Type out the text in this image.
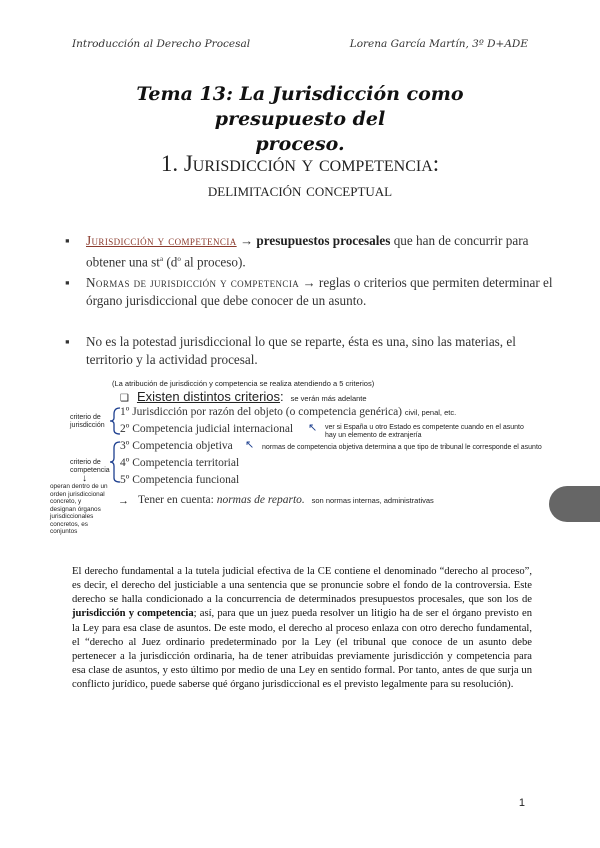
Introducción al Derecho Procesal	Lorena García Martín, 3º D+ADE
Tema 13: La Jurisdicción como presupuesto del
proceso.
1. Jurisdicción y competencia:
delimitación conceptual
▪	Jurisdicción y competencia → presupuestos procesales que han de concurrir para obtener una $st^a$ ($d^o$ al proceso).
▪	Normas de jurisdicción y competencia → reglas o criterios que permiten determinar el órgano jurisdiccional que debe conocer de un asunto.
▪	No es la potestad jurisdiccional lo que se reparte, ésta es una, sino las materias, el territorio y la actividad procesal.
(La atribución de jurisdicción y competencia se realiza atendiendo a 5 criterios)
❑ Existen distintos criterios: se verán más adelante
criterio de jurisdicción
criterio de competencia
↓
operan dentro de un orden jurisdiccional concreto, y designan órganos jurisdiccionales concretos, es conjuntos
1º Jurisdicción por razón del objeto (o competencia genérica) civil, penal, etc.
2º Competencia judicial internacional ↖ ver si España u otro Estado es competente cuando en el asunto hay un elemento de extranjería
3º Competencia objetiva ↖ normas de competencia objetiva determina a que tipo de tribunal le corresponde el asunto
4º Competencia territorial
5º Competencia funcional
→ Tener en cuenta: normas de reparto. son normas internas, administrativas
El derecho fundamental a la tutela judicial efectiva de la CE contiene el denominado “derecho al proceso”, es decir, el derecho del justiciable a una sentencia que se pronuncie sobre el fondo de la controversia. Este derecho se halla condicionado a la concurrencia de determinados presupuestos procesales, que son los de jurisdicción y competencia; así, para que un juez pueda resolver un litigio ha de ser el órgano previsto en la Ley para esa clase de asuntos. De este modo, el derecho al proceso enlaza con otro derecho fundamental, el “derecho al Juez ordinario predeterminado por la Ley (el tribunal que conoce de un asunto debe pertenecer a la jurisdicción ordinaria, ha de tener atribuidas previamente jurisdicción y competencia para esa clase de asuntos, y esto último por medio de una Ley en sentido formal. Por tanto, antes de que surja un conflicto jurídico, puede saberse qué órgano jurisdiccional es el previsto legalmente para su resolución).
1
